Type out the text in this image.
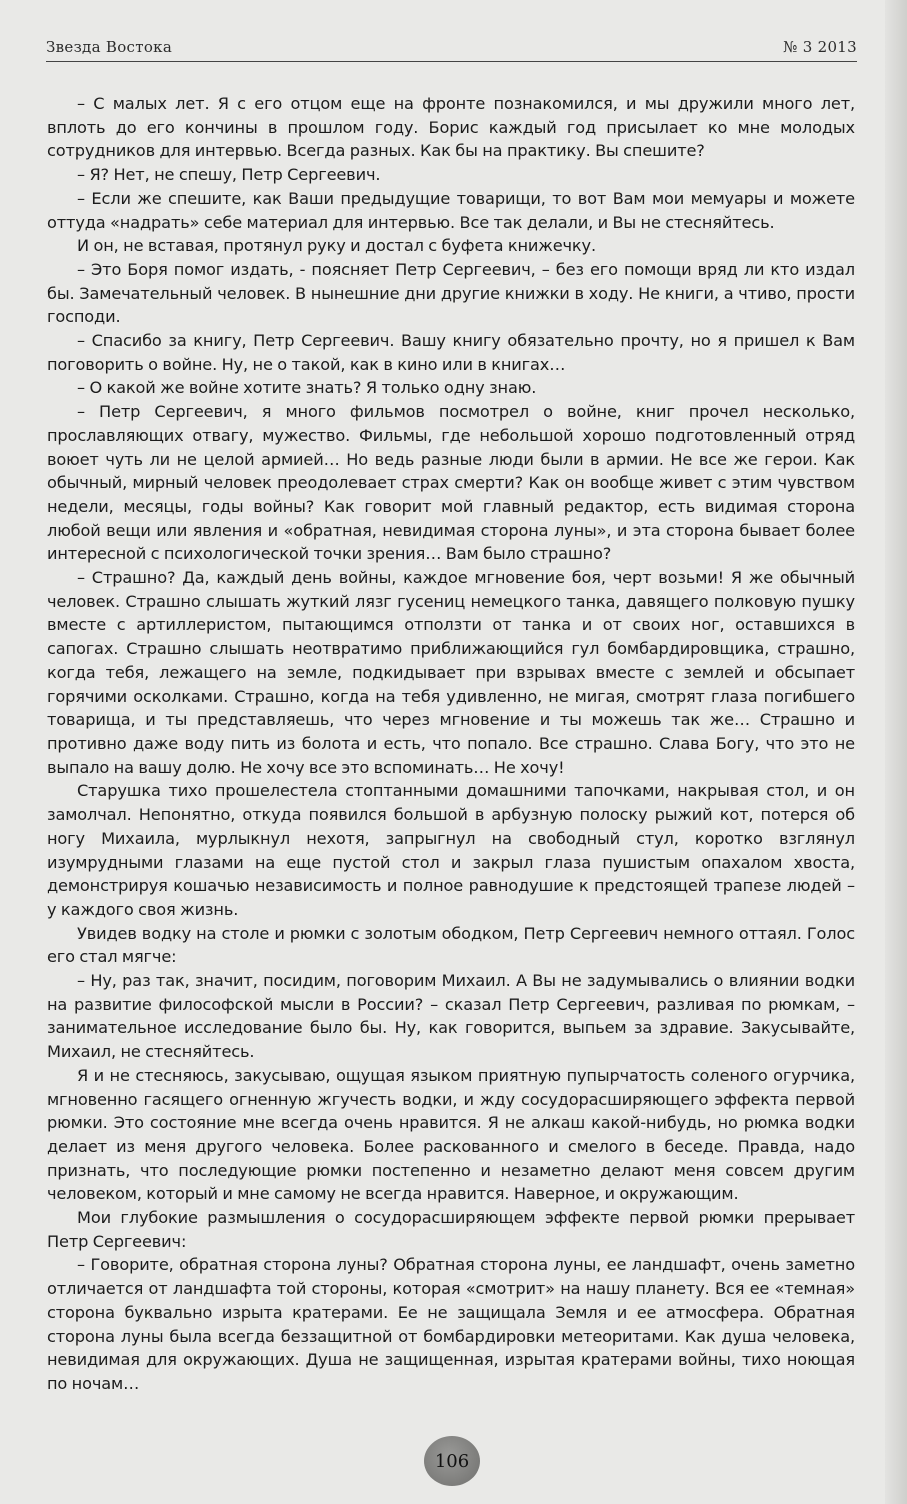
Звезда Востока	№ 3 2013

– С малых лет. Я с его отцом еще на фронте познакомился, и мы дружили много лет, вплоть до его кончины в прошлом году. Борис каждый год присылает ко мне молодых сотрудников для интервью. Всегда разных. Как бы на практику. Вы спешите?

– Я? Нет, не спешу, Петр Сергеевич.

– Если же спешите, как Ваши предыдущие товарищи, то вот Вам мои мемуары и можете оттуда «надрать» себе материал для интервью. Все так делали, и Вы не стесняйтесь.

И он, не вставая, протянул руку и достал с буфета книжечку.

– Это Боря помог издать, - поясняет Петр Сергеевич, – без его помощи вряд ли кто издал бы. Замечательный человек. В нынешние дни другие книжки в ходу. Не книги, а чтиво, прости господи.

– Спасибо за книгу, Петр Сергеевич. Вашу книгу обязательно прочту, но я пришел к Вам поговорить о войне. Ну, не о такой, как в кино или в книгах…

– О какой же войне хотите знать? Я только одну знаю.

– Петр Сергеевич, я много фильмов посмотрел о войне, книг прочел несколько, прославляющих отвагу, мужество. Фильмы, где небольшой хорошо подготовленный отряд воюет чуть ли не целой армией… Но ведь разные люди были в армии. Не все же герои. Как обычный, мирный человек преодолевает страх смерти? Как он вообще живет с этим чувством недели, месяцы, годы войны? Как говорит мой главный редактор, есть видимая сторона любой вещи или явления и «обратная, невидимая сторона луны», и эта сторона бывает более интересной с психологической точки зрения… Вам было страшно?

– Страшно? Да, каждый день войны, каждое мгновение боя, черт возьми! Я же обычный человек. Страшно слышать жуткий лязг гусениц немецкого танка, давящего полковую пушку вместе с артиллеристом, пытающимся отползти от танка и от своих ног, оставшихся в сапогах. Страшно слышать неотвратимо приближающийся гул бомбардировщика, страшно, когда тебя, лежащего на земле, подкидывает при взрывах вместе с землей и обсыпает горячими осколками. Страшно, когда на тебя удивленно, не мигая, смотрят глаза погибшего товарища, и ты представляешь, что через мгновение и ты можешь так же… Страшно и противно даже воду пить из болота и есть, что попало. Все страшно. Слава Богу, что это не выпало на вашу долю. Не хочу все это вспоминать… Не хочу!

Старушка тихо прошелестела стоптанными домашними тапочками, накрывая стол, и он замолчал. Непонятно, откуда появился большой в арбузную полоску рыжий кот, потерся об ногу Михаила, мурлыкнул нехотя, запрыгнул на свободный стул, коротко взглянул изумрудными глазами на еще пустой стол и закрыл глаза пушистым опахалом хвоста, демонстрируя кошачью независимость и полное равнодушие к предстоящей трапезе людей – у каждого своя жизнь.

Увидев водку на столе и рюмки с золотым ободком, Петр Сергеевич немного оттаял. Голос его стал мягче:

– Ну, раз так, значит, посидим, поговорим Михаил. А Вы не задумывались о влиянии водки на развитие философской мысли в России? – сказал Петр Сергеевич, разливая по рюмкам, – занимательное исследование было бы. Ну, как говорится, выпьем за здравие. Закусывайте, Михаил, не стесняйтесь.

Я и не стесняюсь, закусываю, ощущая языком приятную пупырчатость соленого огурчика, мгновенно гасящего огненную жгучесть водки, и жду сосудорасширяющего эффекта первой рюмки. Это состояние мне всегда очень нравится. Я не алкаш какой-нибудь, но рюмка водки делает из меня другого человека. Более раскованного и смелого в беседе. Правда, надо признать, что последующие рюмки постепенно и незаметно делают меня совсем другим человеком, который и мне самому не всегда нравится. Наверное, и окружающим.

Мои глубокие размышления о сосудорасширяющем эффекте первой рюмки прерывает Петр Сергеевич:

– Говорите, обратная сторона луны? Обратная сторона луны, ее ландшафт, очень заметно отличается от ландшафта той стороны, которая «смотрит» на нашу планету. Вся ее «темная» сторона буквально изрыта кратерами. Ее не защищала Земля и ее атмосфера. Обратная сторона луны была всегда беззащитной от бомбардировки метеоритами. Как душа человека, невидимая для окружающих. Душа не защищенная, изрытая кратерами войны, тихо ноющая по ночам…

106
